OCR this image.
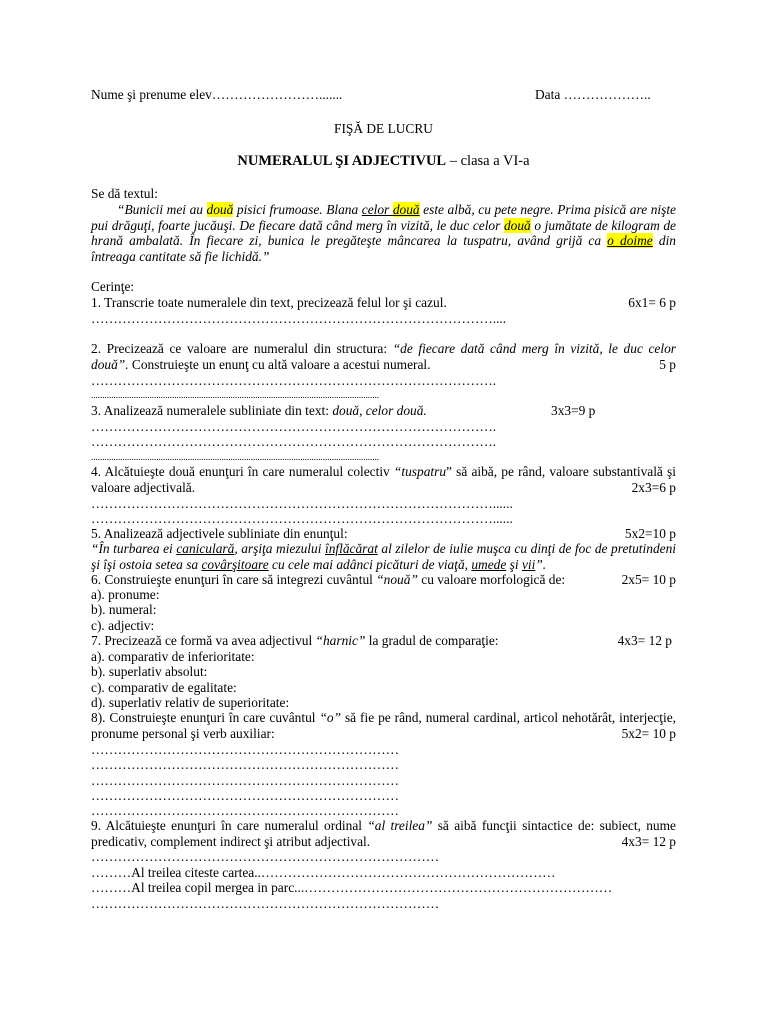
Nume şi prenume elev…………………….......	Data ………………..
FIŞĂ DE LUCRU
NUMERALUL ŞI ADJECTIVUL – clasa a VI-a
Se dă textul:
“Bunicii mei au două pisici frumoase. Blana celor două este albă, cu pete negre. Prima pisică are nişte pui drăguţi, foarte jucăuşi. De fiecare dată când merg în vizită, le duc celor două o jumătate de kilogram de hrană ambalată. În fiecare zi, bunica le pregăteşte mâncarea la tuspatru, având grijă ca o doime din întreaga cantitate să fie lichidă.”
Cerinţe:
1. Transcrie toate numeralele din text, precizează felul lor şi cazul.	6x1= 6 p
………………………………………………………………………………....
2. Precizează ce valoare are numeralul din structura: “de fiecare dată când merg în vizită, le duc celor două”. Construieşte un enunţ cu altă valoare a acestui numeral.	5 p
……………………………………………………………………………….
................................................................................................................................
3. Analizează numeralele subliniate din text: două, celor două.	3x3=9 p
……………………………………………………………………………….
……………………………………………………………………………….
................................................................................................................................
4. Alcătuieşte două enunţuri în care numeralul colectiv “tuspatru” să aibă, pe rând, valoare substantivală şi valoare adjectivală.	2x3=6 p
………………………………………………………………………………......
………………………………………………………………………………......
5. Analizează adjectivele subliniate din enunţul:	5x2=10 p
“În turbarea ei caniculară, arşiţa miezului înflăcărat al zilelor de iulie muşca cu dinţi de foc de pretutindeni şi îşi ostoia setea sa covârşitoare cu cele mai adânci picături de viaţă, umede şi vii”.
6. Construieşte enunţuri în care să integrezi cuvântul “nouă” cu valoare morfologică de:	2x5= 10 p
a). pronume:
b). numeral:
c). adjectiv:
7. Precizează ce formă va avea adjectivul “harnic” la gradul de comparaţie:	4x3= 12 p
a). comparativ de inferioritate:
b). superlativ absolut:
c). comparativ de egalitate:
d). superlativ relativ de superioritate:
8). Construieşte enunţuri în care cuvântul “o” să fie pe rând, numeral cardinal, articol nehotărât, interjecţie, pronume personal şi verb auxiliar:	5x2= 10 p
……………………………………………………………
……………………………………………………………
……………………………………………………………
……………………………………………………………
……………………………………………………………
9. Alcătuieşte enunţuri în care numeralul ordinal “al treilea” să aibă funcţii sintactice de: subiect, nume predicativ, complement indirect şi atribut adjectival.	4x3= 12 p
……………………………………………………………………
………Al treilea citeste cartea..…………………………………………………………
………Al treilea copil mergea in parc...……………………………………………………………
……………………………………………………………………
